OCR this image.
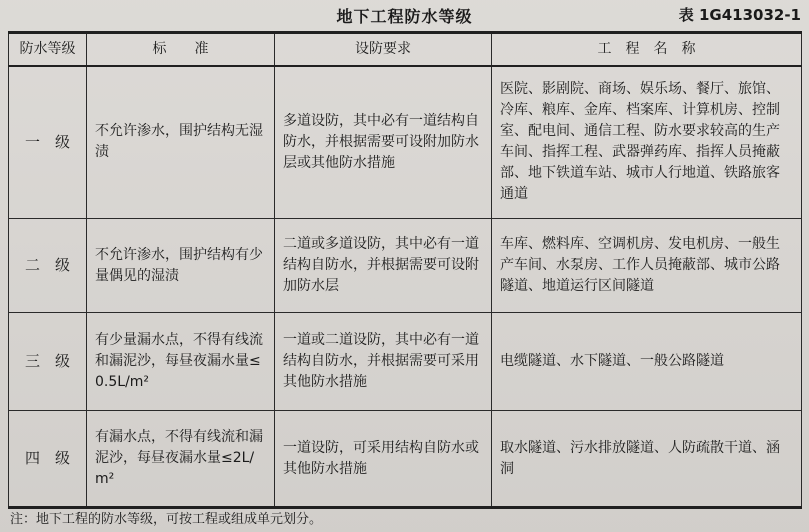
地下工程防水等级	表 1G413032-1
防水等级	标　　准	设防要求	工　程　名　称
一　级	不允许渗水，围护结构无湿渍	多道设防，其中必有一道结构自防水，并根据需要可设附加防水层或其他防水措施	医院、影剧院、商场、娱乐场、餐厅、旅馆、冷库、粮库、金库、档案库、计算机房、控制室、配电间、通信工程、防水要求较高的生产车间、指挥工程、武器弹药库、指挥人员掩蔽部、地下铁道车站、城市人行地道、铁路旅客通道
二　级	不允许渗水，围护结构有少量偶见的湿渍	二道或多道设防，其中必有一道结构自防水，并根据需要可设附加防水层	车库、燃料库、空调机房、发电机房、一般生产车间、水泵房、工作人员掩蔽部、城市公路隧道、地道运行区间隧道
三　级	有少量漏水点，不得有线流和漏泥沙，每昼夜漏水量≤0.5L/m²	一道或二道设防，其中必有一道结构自防水，并根据需要可采用其他防水措施	电缆隧道、水下隧道、一般公路隧道
四　级	有漏水点，不得有线流和漏泥沙，每昼夜漏水量≤2L/m²	一道设防，可采用结构自防水或其他防水措施	取水隧道、污水排放隧道、人防疏散干道、涵洞
注：地下工程的防水等级，可按工程或组成单元划分。
